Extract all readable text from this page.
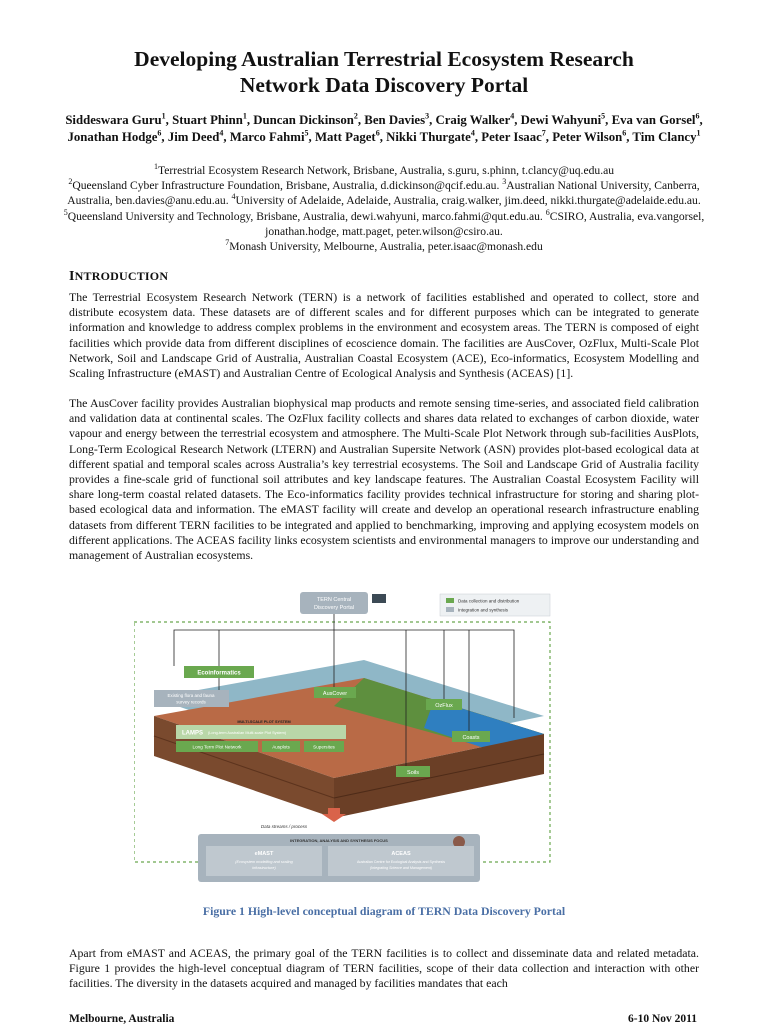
Developing Australian Terrestrial Ecosystem Research
Network Data Discovery Portal
Siddeswara Guru$^1$, Stuart Phinn$^1$, Duncan Dickinson$^2$, Ben Davies$^3$, Craig Walker$^4$, Dewi Wahyuni$^5$, Eva van Gorsel$^6$, Jonathan Hodge$^6$, Jim Deed$^4$, Marco Fahmi$^5$, Matt Paget$^6$, Nikki Thurgate$^4$, Peter Isaac$^7$, Peter Wilson$^6$, Tim Clancy$^1$
$^1$Terrestrial Ecosystem Research Network, Brisbane, Australia, s.guru, s.phinn, t.clancy@uq.edu.au
$^2$Queensland Cyber Infrastructure Foundation, Brisbane, Australia, d.dickinson@qcif.edu.au. $^3$Australian National University, Canberra, Australia, ben.davies@anu.edu.au. $^4$University of Adelaide, Adelaide, Australia, craig.walker, jim.deed, nikki.thurgate@adelaide.edu.au. $^5$Queensland University and Technology, Brisbane, Australia, dewi.wahyuni, marco.fahmi@qut.edu.au. $^6$CSIRO, Australia, eva.vangorsel, jonathan.hodge, matt.paget, peter.wilson@csiro.au.
$^7$Monash University, Melbourne, Australia, peter.isaac@monash.edu
INTRODUCTION

The Terrestrial Ecosystem Research Network (TERN) is a network of facilities established and operated to collect, store and distribute ecosystem data. These datasets are of different scales and for different purposes which can be integrated to generate information and knowledge to address complex problems in the environment and ecosystem areas. The TERN is composed of eight facilities which provide data from different disciplines of ecoscience domain. The facilities are AusCover, OzFlux, Multi-Scale Plot Network, Soil and Landscape Grid of Australia, Australian Coastal Ecosystem (ACE), Eco-informatics, Ecosystem Modelling and Scaling Infrastructure (eMAST) and Australian Centre of Ecological Analysis and Synthesis (ACEAS) [1].

The AusCover facility provides Australian biophysical map products and remote sensing time-series, and associated field calibration and validation data at continental scales. The OzFlux facility collects and shares data related to exchanges of carbon dioxide, water vapour and energy between the terrestrial ecosystem and atmosphere. The Multi-Scale Plot Network through sub-facilities AusPlots, Long-Term Ecological Research Network (LTERN) and Australian Supersite Network (ASN) provides plot-based ecological data at different spatial and temporal scales across Australia’s key terrestrial ecosystems. The Soil and Landscape Grid of Australia facility provides a fine-scale grid of functional soil attributes and key landscape features. The Australian Coastal Ecosystem Facility will share long-term coastal related datasets. The Eco-informatics facility provides technical infrastructure for storing and sharing plot-based ecological data and information. The eMAST facility will create and develop an operational research infrastructure enabling datasets from different TERN facilities to be integrated and applied to benchmarking, improving and applying ecosystem models on different applications. The ACEAS facility links ecosystem scientists and environmental managers to improve our understanding and management of Australian ecosystems.

TERN Central
Discovery Portal
Data collection and distribution
Integration and synthesis
Ecoinformatics
Existing flora and fauna
survey records
AusCover
OzFlux
MULTI-SCALE PLOT SYSTEM
LAMPS (Long-term Australian Multi-scale Plot System)
Long Term Plot Network	Ausplots	Supersites
Coasts
Soils
Data streams / process
INTEGRATION, ANALYSIS AND SYNTHESIS FOCUS
eMAST
(Ecosystem modelling and scaling
infrastructure)
ACEAS
Australian Centre for Ecological Analysis and Synthesis
(Integrating Science and Management)
Figure 1 High-level conceptual diagram of TERN Data Discovery Portal

Apart from eMAST and ACEAS, the primary goal of the TERN facilities is to collect and disseminate data and related metadata. Figure 1 provides the high-level conceptual diagram of TERN facilities, scope of their data collection and interaction with other facilities. The diversity in the datasets acquired and managed by facilities mandates that each

Melbourne, Australia	6-10 Nov 2011
